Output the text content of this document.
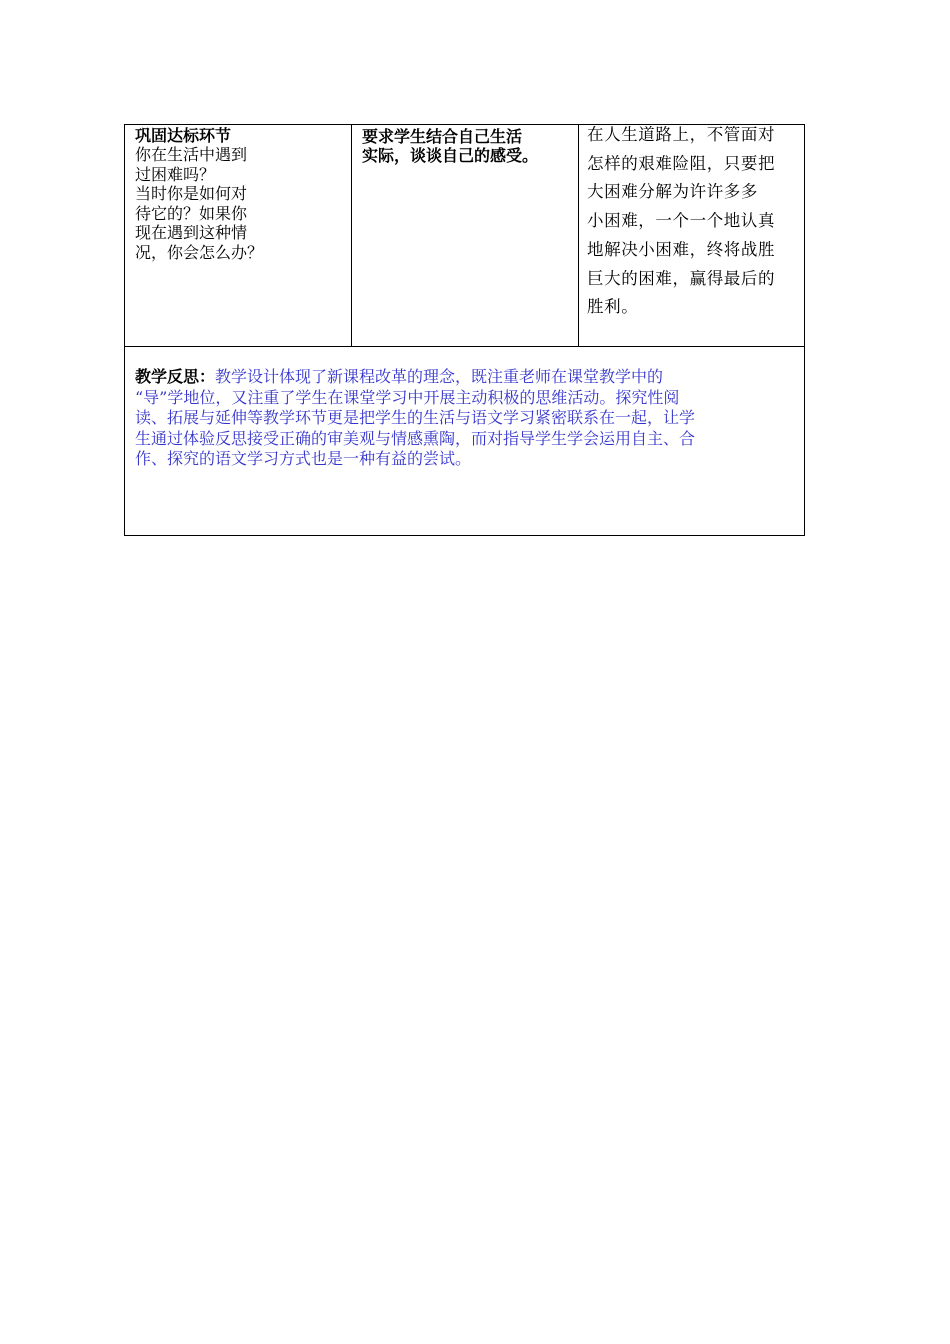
巩固达标环节
你在生活中遇到
过困难吗？
当时你是如何对
待它的？如果你
现在遇到这种情
况，你会怎么办？
要求学生结合自己生活
实际，谈谈自己的感受。
在人生道路上，不管面对
怎样的艰难险阻，只要把
大困难分解为许许多多
小困难，一个一个地认真
地解决小困难，终将战胜
巨大的困难，赢得最后的
胜利。
教学反思：教学设计体现了新课程改革的理念，既注重老师在课堂教学中的
“导”学地位，又注重了学生在课堂学习中开展主动积极的思维活动。探究性阅
读、拓展与延伸等教学环节更是把学生的生活与语文学习紧密联系在一起，让学
生通过体验反思接受正确的审美观与情感熏陶，而对指导学生学会运用自主、合
作、探究的语文学习方式也是一种有益的尝试。
